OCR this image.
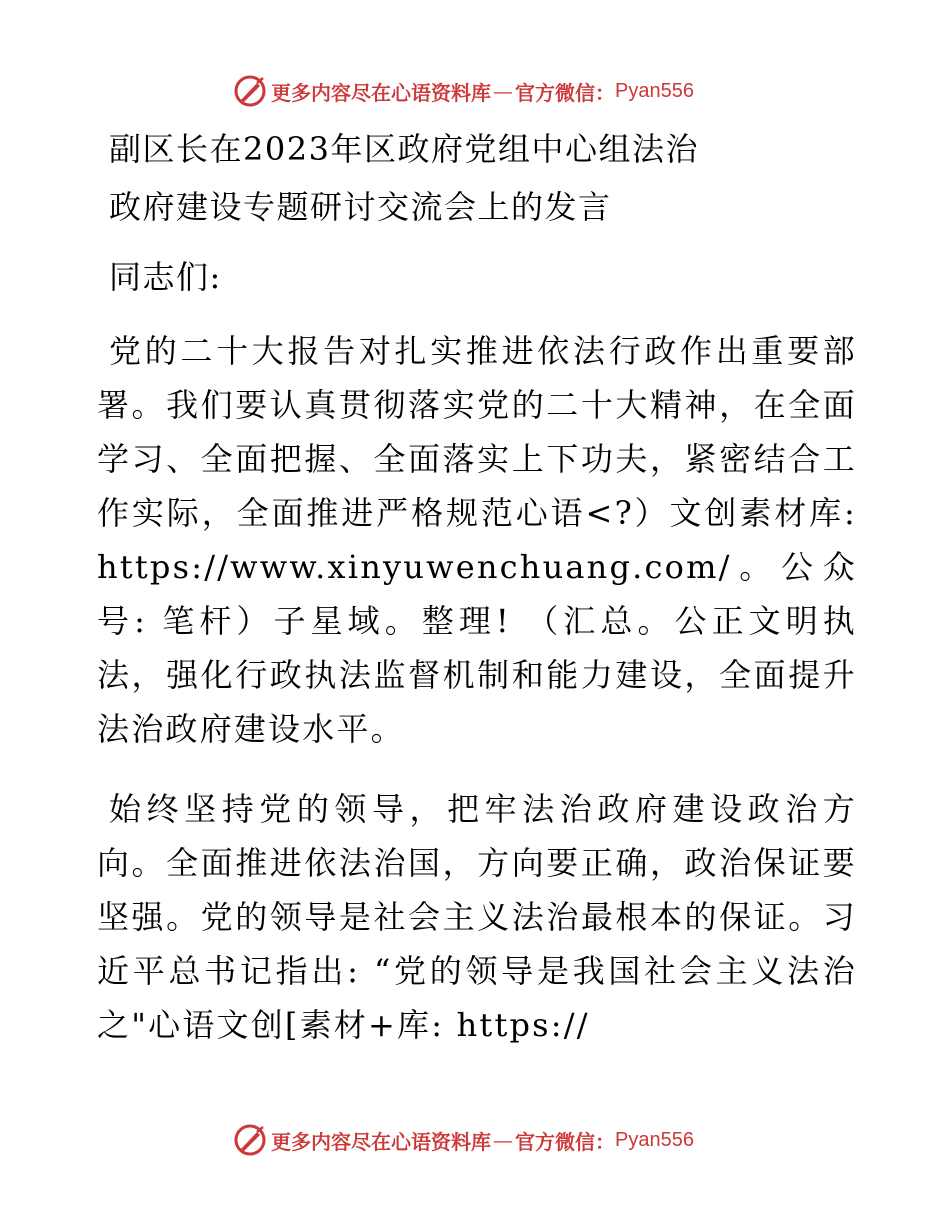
更多内容尽在心语资料库 — 官方微信： Pyan556
副区长在2023年区政府党组中心组法治
政府建设专题研讨交流会上的发言

同志们:

党的二十大报告对扎实推进依法行政作出重要部署。我们要认真贯彻落实党的二十大精神，在全面学习、全面把握、全面落实上下功夫，紧密结合工作实际，全面推进严格规范心语<?）文创素材库: https://www.xinyuwenchuang.com/。公众号: 笔杆）子星域。整理! （汇总。公正文明执法，强化行政执法监督机制和能力建设，全面提升法治政府建设水平。

始终坚持党的领导，把牢法治政府建设政治方向。全面推进依法治国，方向要正确，政治保证要坚强。党的领导是社会主义法治最根本的保证。习近平总书记指出: “党的领导是我国社会主义法治之"心语文创[素材+库: https://

更多内容尽在心语资料库 — 官方微信： Pyan556
